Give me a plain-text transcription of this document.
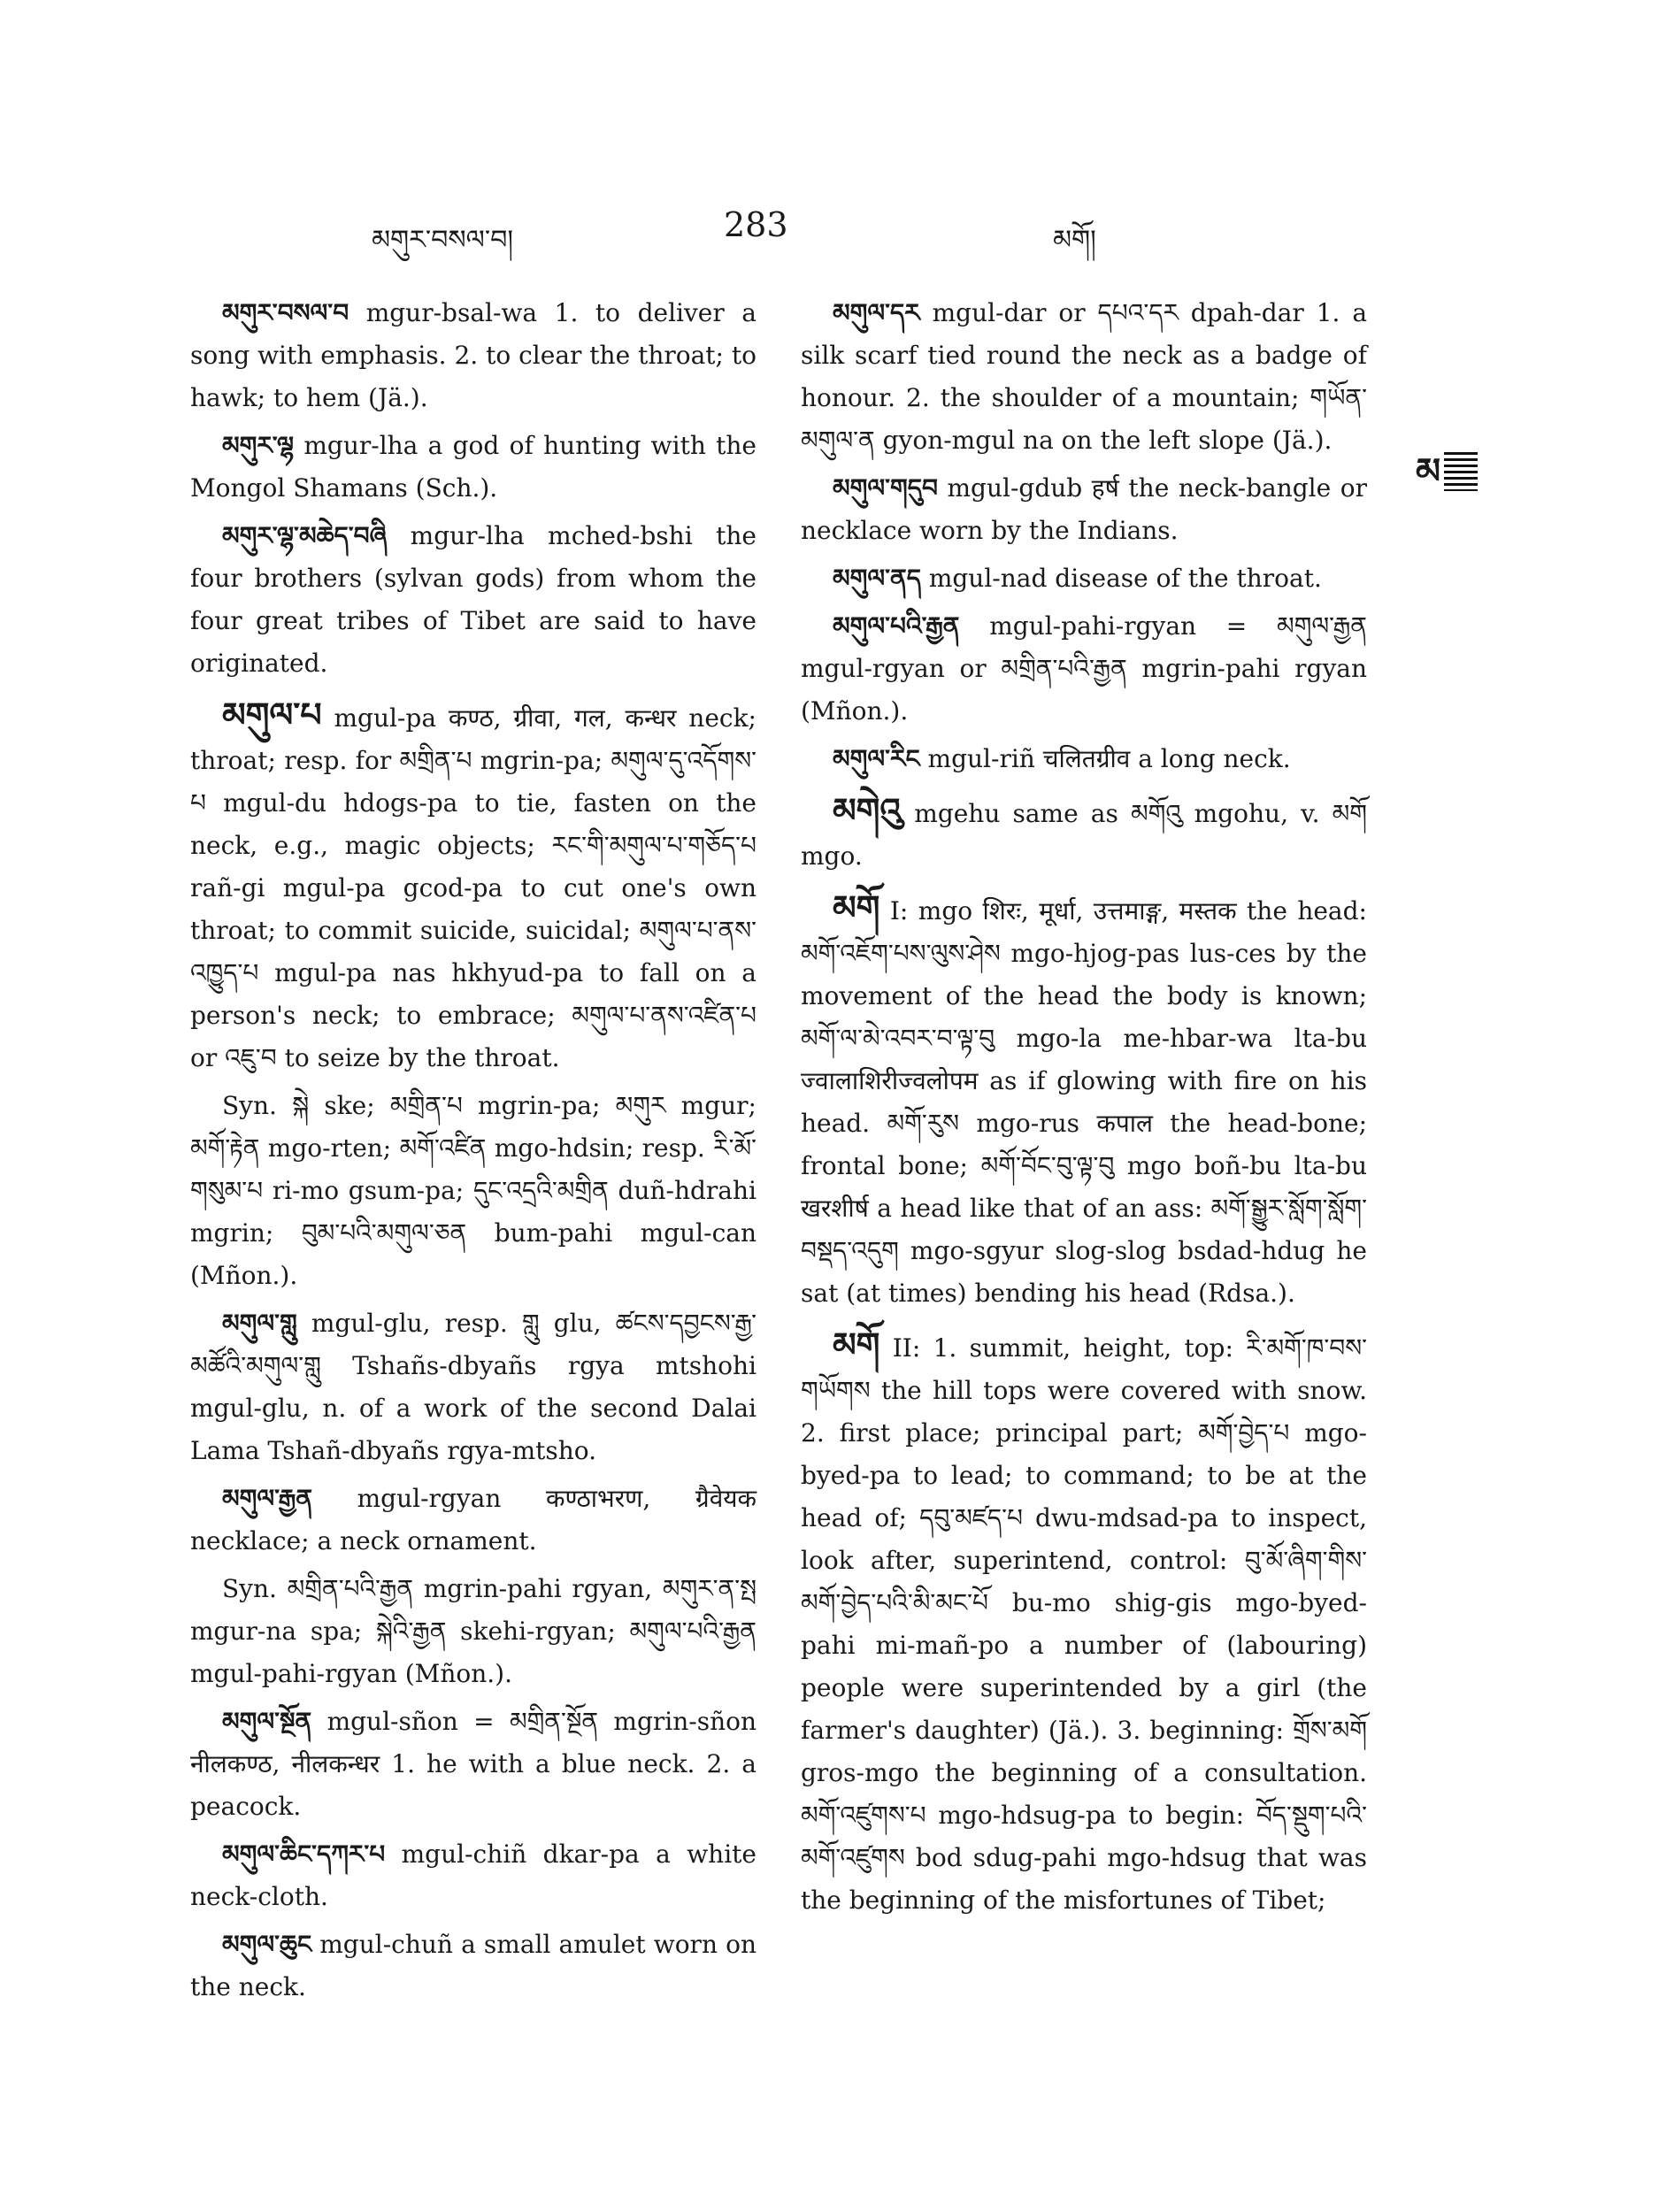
མགུར་བསལ་བ།	283	མགོ།
མ

མགུར་བསལ་བ mgur-bsal-wa 1. to deliver a song with emphasis. 2. to clear the throat; to hawk; to hem (Jä.).

མགུར་ལྷ mgur-lha a god of hunting with the Mongol Shamans (Sch.).

མགུར་ལྷ་མཆེད་བཞི mgur-lha mched-bshi the four brothers (sylvan gods) from whom the four great tribes of Tibet are said to have originated.

མགུལ་པ mgul-pa कण्ठ, ग्रीवा, गल, कन्धर neck; throat; resp. for མགྲིན་པ mgrin-pa; མགུལ་དུ་འདོགས་པ mgul-du hdogs-pa to tie, fasten on the neck, e.g., magic objects; རང་གི་མགུལ་པ་གཅོད་པ rañ-gi mgul-pa gcod-pa to cut one's own throat; to commit suicide, suicidal; མགུལ་པ་ནས་འཁྱུད་པ mgul-pa nas hkhyud-pa to fall on a person's neck; to embrace; མགུལ་པ་ནས་འཛིན་པ or འཇུ་བ to seize by the throat.

Syn. སྐེ ske; མགྲིན་པ mgrin-pa; མགུར mgur; མགོ་རྟེན mgo-rten; མགོ་འཛིན mgo-hdsin; resp. རི་མོ་གསུམ་པ ri-mo gsum-pa; དུང་འདྲའི་མགྲིན duñ-hdrahi mgrin; བུམ་པའི་མགུལ་ཅན bum-pahi mgul-can (Mñon.).

མགུལ་གླུ mgul-glu, resp. གླུ glu, ཚངས་དབྱངས་རྒྱ་མཚོའི་མགུལ་གླུ Tshañs-dbyañs rgya mtshohi mgul-glu, n. of a work of the second Dalai Lama Tshañ-dbyañs rgya-mtsho.

མགུལ་རྒྱན mgul-rgyan कण्ठाभरण, ग्रैवेयक necklace; a neck ornament.

Syn. མགྲིན་པའི་རྒྱན mgrin-pahi rgyan, མགུར་ན་སྤ mgur-na spa; སྐེའི་རྒྱན skehi-rgyan; མགུལ་པའི་རྒྱན mgul-pahi-rgyan (Mñon.).

མགུལ་སྔོན mgul-sñon = མགྲིན་སྔོན mgrin-sñon नीलकण्ठ, नीलकन्धर 1. he with a blue neck. 2. a peacock.

མགུལ་ཆིང་དཀར་པ mgul-chiñ dkar-pa a white neck-cloth.

མགུལ་ཆུང mgul-chuñ a small amulet worn on the neck.

མགུལ་དར mgul-dar or དཔའ་དར dpah-dar 1. a silk scarf tied round the neck as a badge of honour. 2. the shoulder of a mountain; གཡོན་མགུལ་ན gyon-mgul na on the left slope (Jä.).

མགུལ་གདུབ mgul-gdub हर्ष the neck-bangle or necklace worn by the Indians.

མགུལ་ནད mgul-nad disease of the throat.

མགུལ་པའི་རྒྱན mgul-pahi-rgyan = མགུལ་རྒྱན mgul-rgyan or མགྲིན་པའི་རྒྱན mgrin-pahi rgyan (Mñon.).

མགུལ་རིང mgul-riñ चलितग्रीव a long neck.

མགེའུ mgehu same as མགོའུ mgohu, v. མགོ mgo.

མགོ I: mgo शिरः, मूर्धा, उत्तमाङ्ग, मस्तक the head: མགོ་འཇོག་པས་ལུས་ཤེས mgo-hjog-pas lus-ces by the movement of the head the body is known; མགོ་ལ་མེ་འབར་བ་ལྟ་བུ mgo-la me-hbar-wa lta-bu ज्वालाशिरीज्वलोपम as if glowing with fire on his head. མགོ་རུས mgo-rus कपाल the head-bone; frontal bone; མགོ་བོང་བུ་ལྟ་བུ mgo boñ-bu lta-bu खरशीर्ष a head like that of an ass: མགོ་སྒྱུར་སློག་སློག་བསྡད་འདུག mgo-sgyur slog-slog bsdad-hdug he sat (at times) bending his head (Rdsa.).

མགོ II: 1. summit, height, top: རི་མགོ་ཁ་བས་གཡོགས the hill tops were covered with snow. 2. first place; principal part; མགོ་བྱེད་པ mgo-byed-pa to lead; to command; to be at the head of; དབུ་མཛད་པ dwu-mdsad-pa to inspect, look after, superintend, control: བུ་མོ་ཞིག་གིས་མགོ་བྱེད་པའི་མི་མང་པོ bu-mo shig-gis mgo-byed-pahi mi-mañ-po a number of (labouring) people were superintended by a girl (the farmer's daughter) (Jä.). 3. beginning: གྲོས་མགོ gros-mgo the beginning of a consultation. མགོ་འཛུགས་པ mgo-hdsug-pa to begin: བོད་སྡུག་པའི་མགོ་འཛུགས bod sdug-pahi mgo-hdsug that was the beginning of the misfortunes of Tibet;
